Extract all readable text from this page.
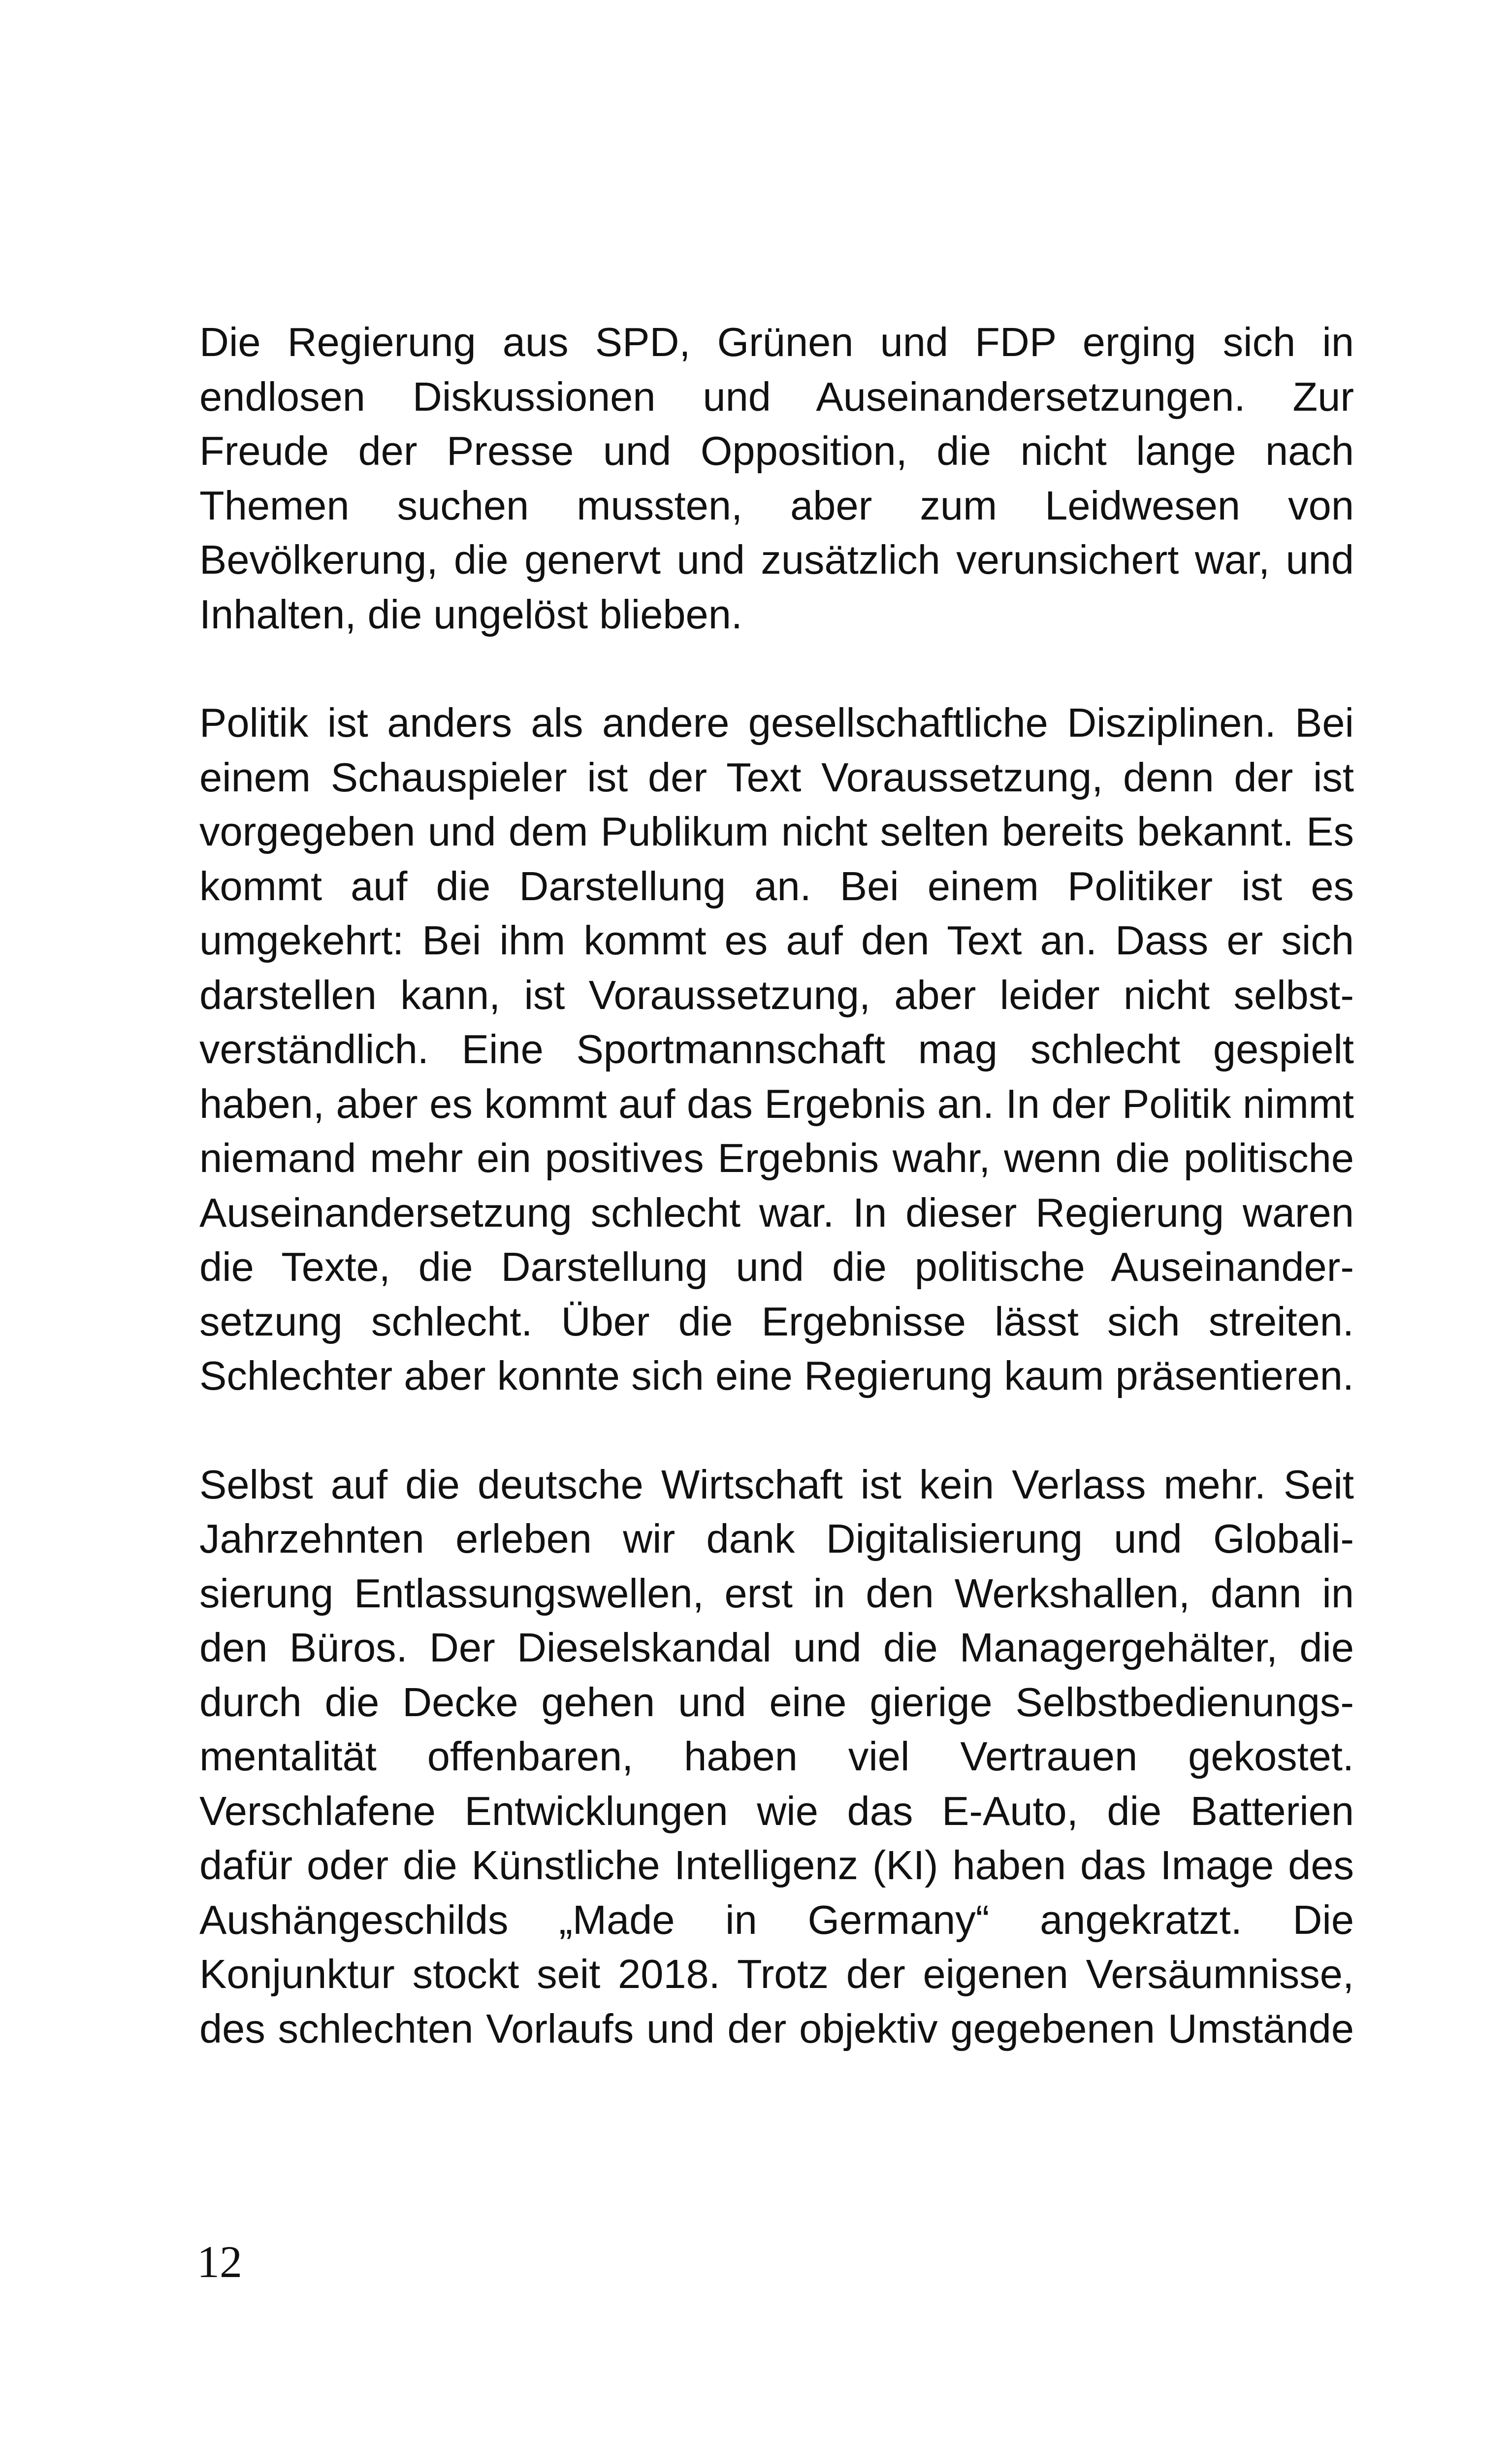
Die Regierung aus SPD, Grünen und FDP erging sich in
endlosen Diskussionen und Auseinandersetzungen. Zur
Freude der Presse und Opposition, die nicht lange nach
Themen suchen mussten, aber zum Leidwesen von
Bevölkerung, die genervt und zusätzlich verunsichert war, und
Inhalten, die ungelöst blieben.

Politik ist anders als andere gesellschaftliche Disziplinen. Bei
einem Schauspieler ist der Text Voraussetzung, denn der ist
vorgegeben und dem Publikum nicht selten bereits bekannt. Es
kommt auf die Darstellung an. Bei einem Politiker ist es
umgekehrt: Bei ihm kommt es auf den Text an. Dass er sich
darstellen kann, ist Voraussetzung, aber leider nicht selbst-
verständlich. Eine Sportmannschaft mag schlecht gespielt
haben, aber es kommt auf das Ergebnis an. In der Politik nimmt
niemand mehr ein positives Ergebnis wahr, wenn die politische
Auseinandersetzung schlecht war. In dieser Regierung waren
die Texte, die Darstellung und die politische Auseinander-
setzung schlecht. Über die Ergebnisse lässt sich streiten.
Schlechter aber konnte sich eine Regierung kaum präsentieren.

Selbst auf die deutsche Wirtschaft ist kein Verlass mehr. Seit
Jahrzehnten erleben wir dank Digitalisierung und Globali-
sierung Entlassungswellen, erst in den Werkshallen, dann in
den Büros. Der Dieselskandal und die Managergehälter, die
durch die Decke gehen und eine gierige Selbstbedienungs-
mentalität offenbaren, haben viel Vertrauen gekostet.
Verschlafene Entwicklungen wie das E-Auto, die Batterien
dafür oder die Künstliche Intelligenz (KI) haben das Image des
Aushängeschilds „Made in Germany“ angekratzt. Die
Konjunktur stockt seit 2018. Trotz der eigenen Versäumnisse,
des schlechten Vorlaufs und der objektiv gegebenen Umstände

12
